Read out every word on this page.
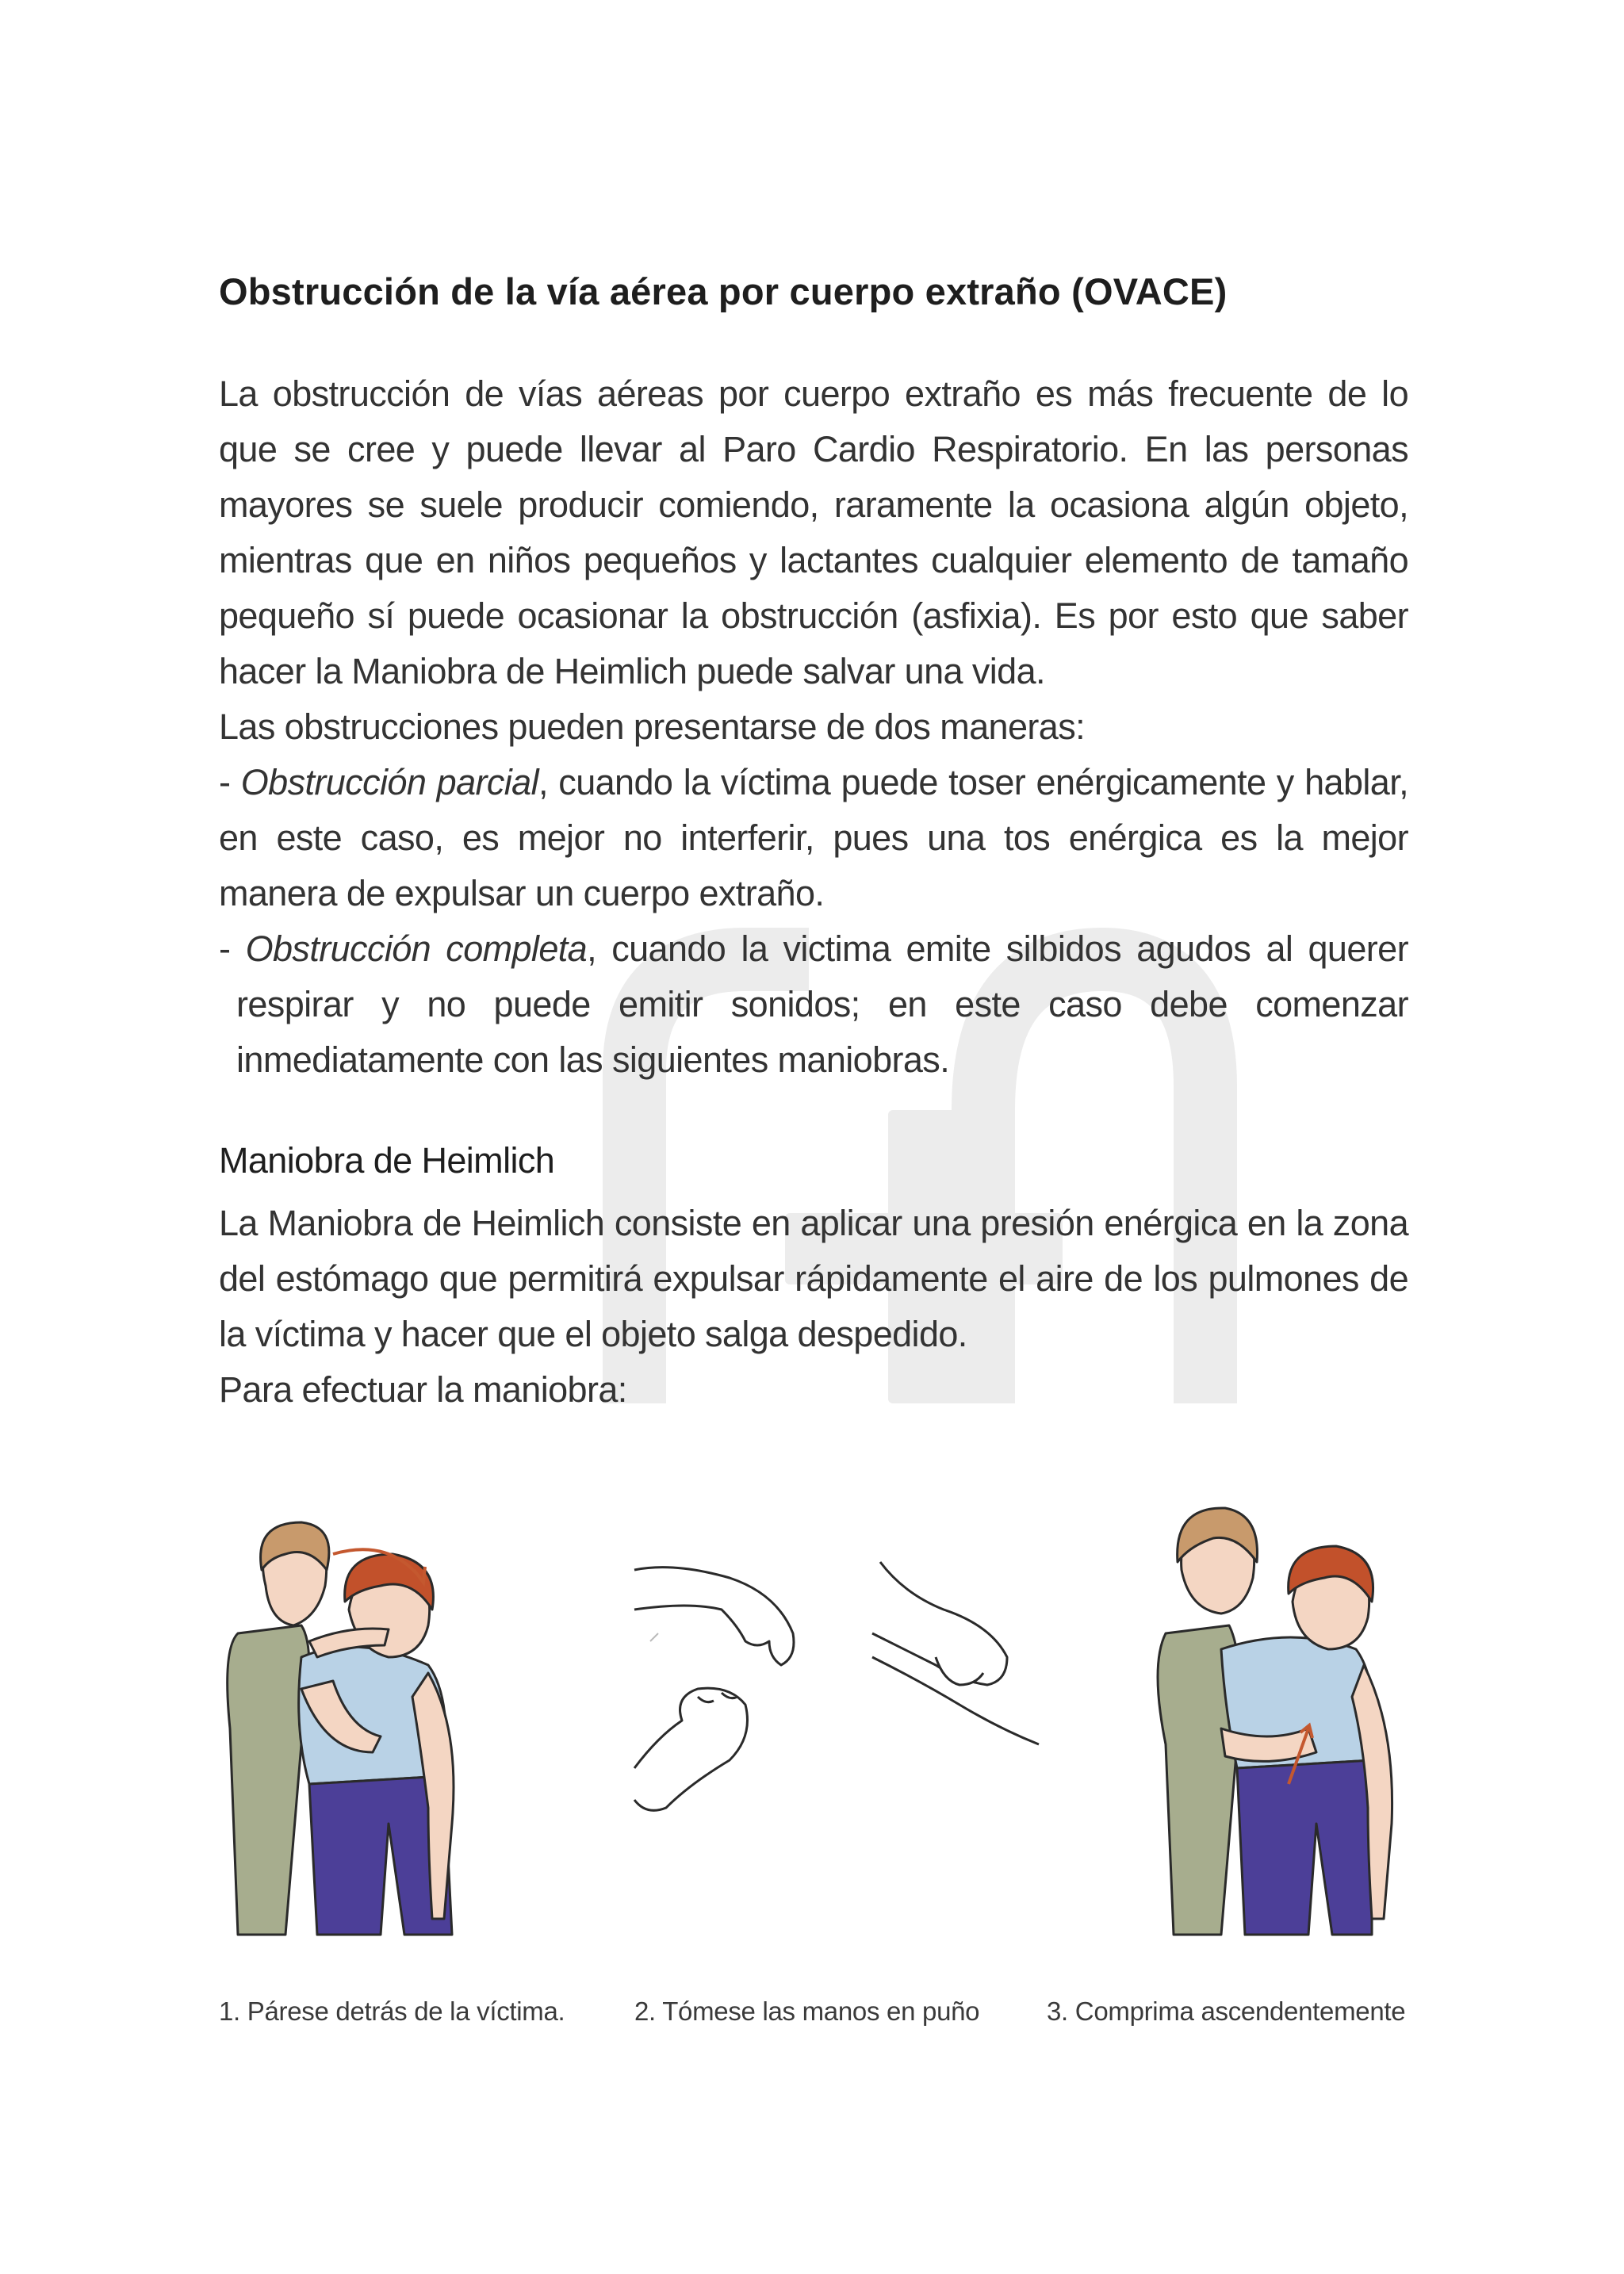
Obstrucción de la vía aérea por cuerpo extraño (OVACE)

La obstrucción de vías aéreas por cuerpo extraño es más frecuente de lo que se cree y puede llevar al Paro Cardio Respiratorio. En las personas mayores se suele producir comiendo, raramente la ocasiona algún objeto, mientras que en niños pequeños y lactantes cualquier elemento de tamaño pequeño sí puede ocasionar la obstrucción (asfixia). Es por esto que saber hacer la Maniobra de Heimlich puede salvar una vida.

Las obstrucciones pueden presentarse de dos maneras:

- Obstrucción parcial, cuando la víctima puede toser enérgicamente y hablar, en este caso, es mejor no interferir, pues una tos enérgica es la mejor manera de expulsar un cuerpo extraño.

- Obstrucción completa, cuando la victima emite silbidos agudos al querer respirar y no puede emitir sonidos; en este caso debe comenzar inmediatamente con las siguientes maniobras.

Maniobra de Heimlich

La Maniobra de Heimlich consiste en aplicar una presión enérgica en la zona del estómago que permitirá expulsar rápidamente el aire de los pulmones de la víctima y hacer que el objeto salga despedido.

Para efectuar la maniobra:

1. Párese detrás de la víctima.	2. Tómese las manos en puño	3. Comprima ascendentemente
